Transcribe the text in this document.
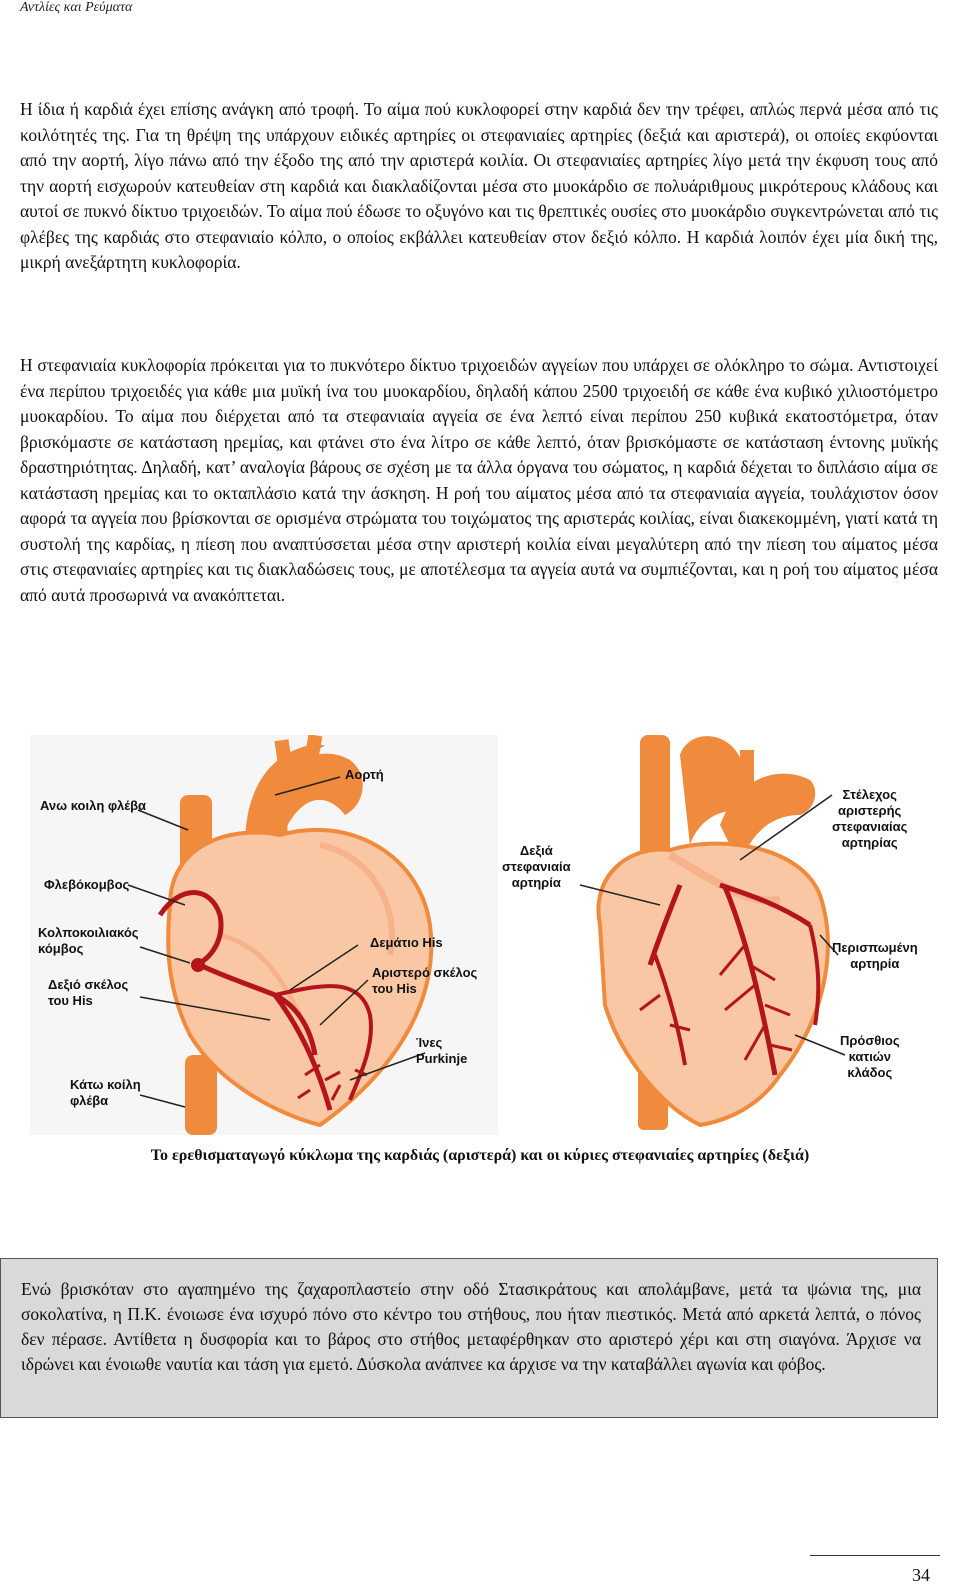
Αντλίες και Ρεύματα

Η ίδια ή καρδιά έχει επίσης ανάγκη από τροφή. Το αίμα πού κυκλοφορεί στην καρδιά δεν την τρέφει, απλώς περνά μέσα από τις κοιλότητές της. Για τη θρέψη της υπάρχουν ειδικές αρτηρίες οι στεφανιαίες αρτηρίες (δεξιά και αριστερά), οι οποίες εκφύονται από την αορτή, λίγο πάνω από την έξοδο της από την αριστερά κοιλία. Οι στεφανιαίες αρτηρίες λίγο μετά την έκφυση τους από την αορτή εισχωρούν κατευθείαν στη καρδιά και διακλαδίζονται μέσα στο μυοκάρδιο σε πολυάριθμους μικρότερους κλάδους και αυτοί σε πυκνό δίκτυο τριχοειδών. Το αίμα πού έδωσε το οξυγόνο και τις θρεπτικές ουσίες στο μυοκάρδιο συγκεντρώνεται από τις φλέβες της καρδιάς στο στεφανιαίο κόλπο, ο οποίος εκβάλλει κατευθείαν στον δεξιό κόλπο. Η καρδιά λοιπόν έχει μία δική της, μικρή ανεξάρτητη κυκλοφορία.

Η στεφανιαία κυκλοφορία πρόκειται για το πυκνότερο δίκτυο τριχοειδών αγγείων που υπάρχει σε ολόκληρο το σώμα. Αντιστοιχεί ένα περίπου τριχοειδές για κάθε μια μυϊκή ίνα του μυοκαρδίου, δηλαδή κάπου 2500 τριχοειδή σε κάθε ένα κυβικό χιλιοστόμετρο μυοκαρδίου. Το αίμα που διέρχεται από τα στεφανιαία αγγεία σε ένα λεπτό είναι περίπου 250 κυβικά εκατοστόμετρα, όταν βρισκόμαστε σε κατάσταση ηρεμίας, και φτάνει στο ένα λίτρο σε κάθε λεπτό, όταν βρισκόμαστε σε κατάσταση έντονης μυϊκής δραστηριότητας. Δηλαδή, κατ’ αναλογία βάρους σε σχέση με τα άλλα όργανα του σώματος, η καρδιά δέχεται το διπλάσιο αίμα σε κατάσταση ηρεμίας και το οκταπλάσιο κατά την άσκηση. Η ροή του αίματος μέσα από τα στεφανιαία αγγεία, τουλάχιστον όσον αφορά τα αγγεία που βρίσκονται σε ορισμένα στρώματα του τοιχώματος της αριστεράς κοιλίας, είναι διακεκομμένη, γιατί κατά τη συστολή της καρδίας, η πίεση που αναπτύσσεται μέσα στην αριστερή κοιλία είναι μεγαλύτερη από την πίεση του αίματος μέσα στις στεφανιαίες αρτηρίες και τις διακλαδώσεις τους, με αποτέλεσμα τα αγγεία αυτά να συμπιέζονται, και η ροή του αίματος μέσα από αυτά προσωρινά να ανακόπτεται.

Αορτή
Ανω κοιλη φλέβα
Φλεβόκομβος
Κολποκοιλιακός
κόμβος
Δεξιό σκέλος
του His
Δεμάτιο His
Αριστερό σκέλος
του His
Ίνες
Purkinje
Κάτω κοίλη
φλέβα
Στέλεχος
αριστερής
στεφανιαίας
αρτηρίας
Δεξιά
στεφανιαία
αρτηρία
Περισπωμένη
αρτηρία
Πρόσθιος
κατιών
κλάδος
Το ερεθισματαγωγό κύκλωμα της καρδιάς (αριστερά) και οι κύριες στεφανιαίες αρτηρίες (δεξιά)

Ενώ βρισκόταν στο αγαπημένο της ζαχαροπλαστείο στην οδό Στασικράτους και απολάμβανε, μετά τα ψώνια της, μια σοκολατίνα, η Π.Κ. ένοιωσε ένα ισχυρό πόνο στο κέντρο του στήθους, που ήταν πιεστικός. Μετά από αρκετά λεπτά, ο πόνος δεν πέρασε. Αντίθετα η δυσφορία και το βάρος στο στήθος μεταφέρθηκαν στο αριστερό χέρι και στη σιαγόνα. Άρχισε να ιδρώνει και ένοιωθε ναυτία και τάση για εμετό. Δύσκολα ανάπνεε κα άρχισε να την καταβάλλει αγωνία και φόβος.

34
